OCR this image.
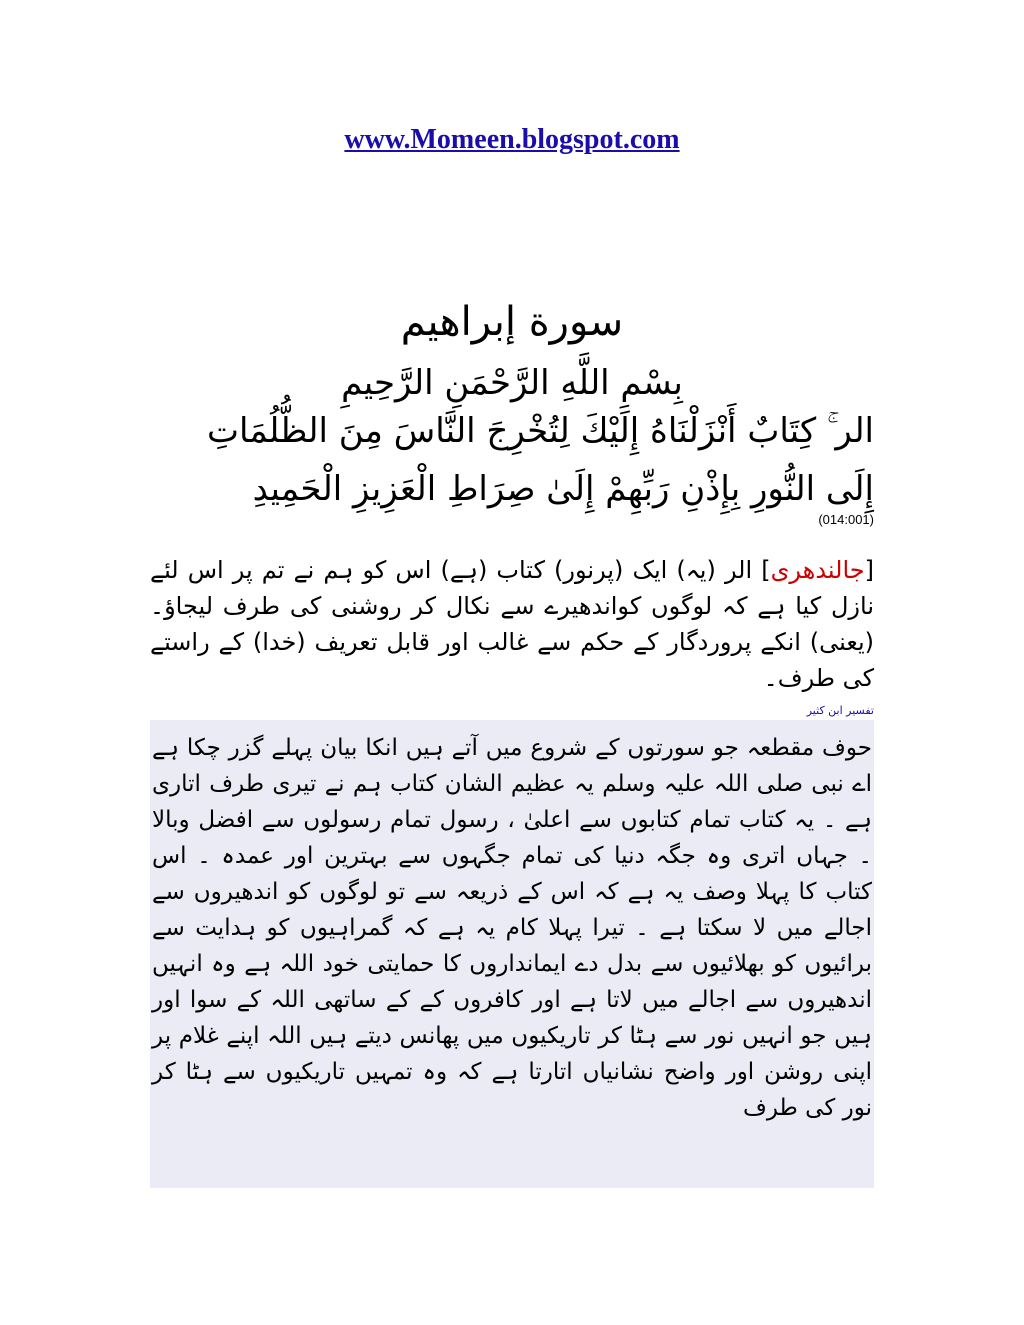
www.Momeen.blogspot.com
سورة إبراهيم
بِسْمِ اللَّهِ الرَّحْمَنِ الرَّحِيمِ
الر ۚ كِتَابٌ أَنْزَلْنَاهُ إِلَيْكَ لِتُخْرِجَ النَّاسَ مِنَ الظُّلُمَاتِ إِلَى النُّورِ بِإِذْنِ رَبِّهِمْ إِلَىٰ صِرَاطِ الْعَزِيزِ الْحَمِيدِ
(014:001)
[جالندھری] الر (یہ) ایک (پرنور) کتاب (ہے) اس کو ہم نے تم پر اس لئے نازل کیا ہے کہ لوگوں کواندھیرے سے نکال کر روشنی کی طرف لیجاؤ۔ (یعنی) انکے پروردگار کے حکم سے غالب اور قابل تعریف (خدا) کے راستے کی طرف۔
تفسیر ابن کثیر
حوف مقطعہ جو سورتوں کے شروع میں آتے ہیں انکا بیان پہلے گزر چکا ہے اے نبی صلی اللہ علیہ وسلم یہ عظیم الشان کتاب ہم نے تیری طرف اتاری ہے ۔ یہ کتاب تمام کتابوں سے اعلیٰ ، رسول تمام رسولوں سے افضل وبالا ۔ جہاں اتری وہ جگہ دنیا کی تمام جگہوں سے بہترین اور عمدہ ۔ اس کتاب کا پہلا وصف یہ ہے کہ اس کے ذریعہ سے تو لوگوں کو اندھیروں سے اجالے میں لا سکتا ہے ۔ تیرا پہلا کام یہ ہے کہ گمراہیوں کو ہدایت سے برائیوں کو بھلائیوں سے بدل دے ایمانداروں کا حمایتی خود اللہ ہے وہ انہیں اندھیروں سے اجالے میں لاتا ہے اور کافروں کے کے ساتھی اللہ کے سوا اور ہیں جو انہیں نور سے ہٹا کر تاریکیوں میں پھانس دیتے ہیں اللہ اپنے غلام پر اپنی روشن اور واضح نشانیاں اتارتا ہے کہ وہ تمہیں تاریکیوں سے ہٹا کر نور کی طرف
